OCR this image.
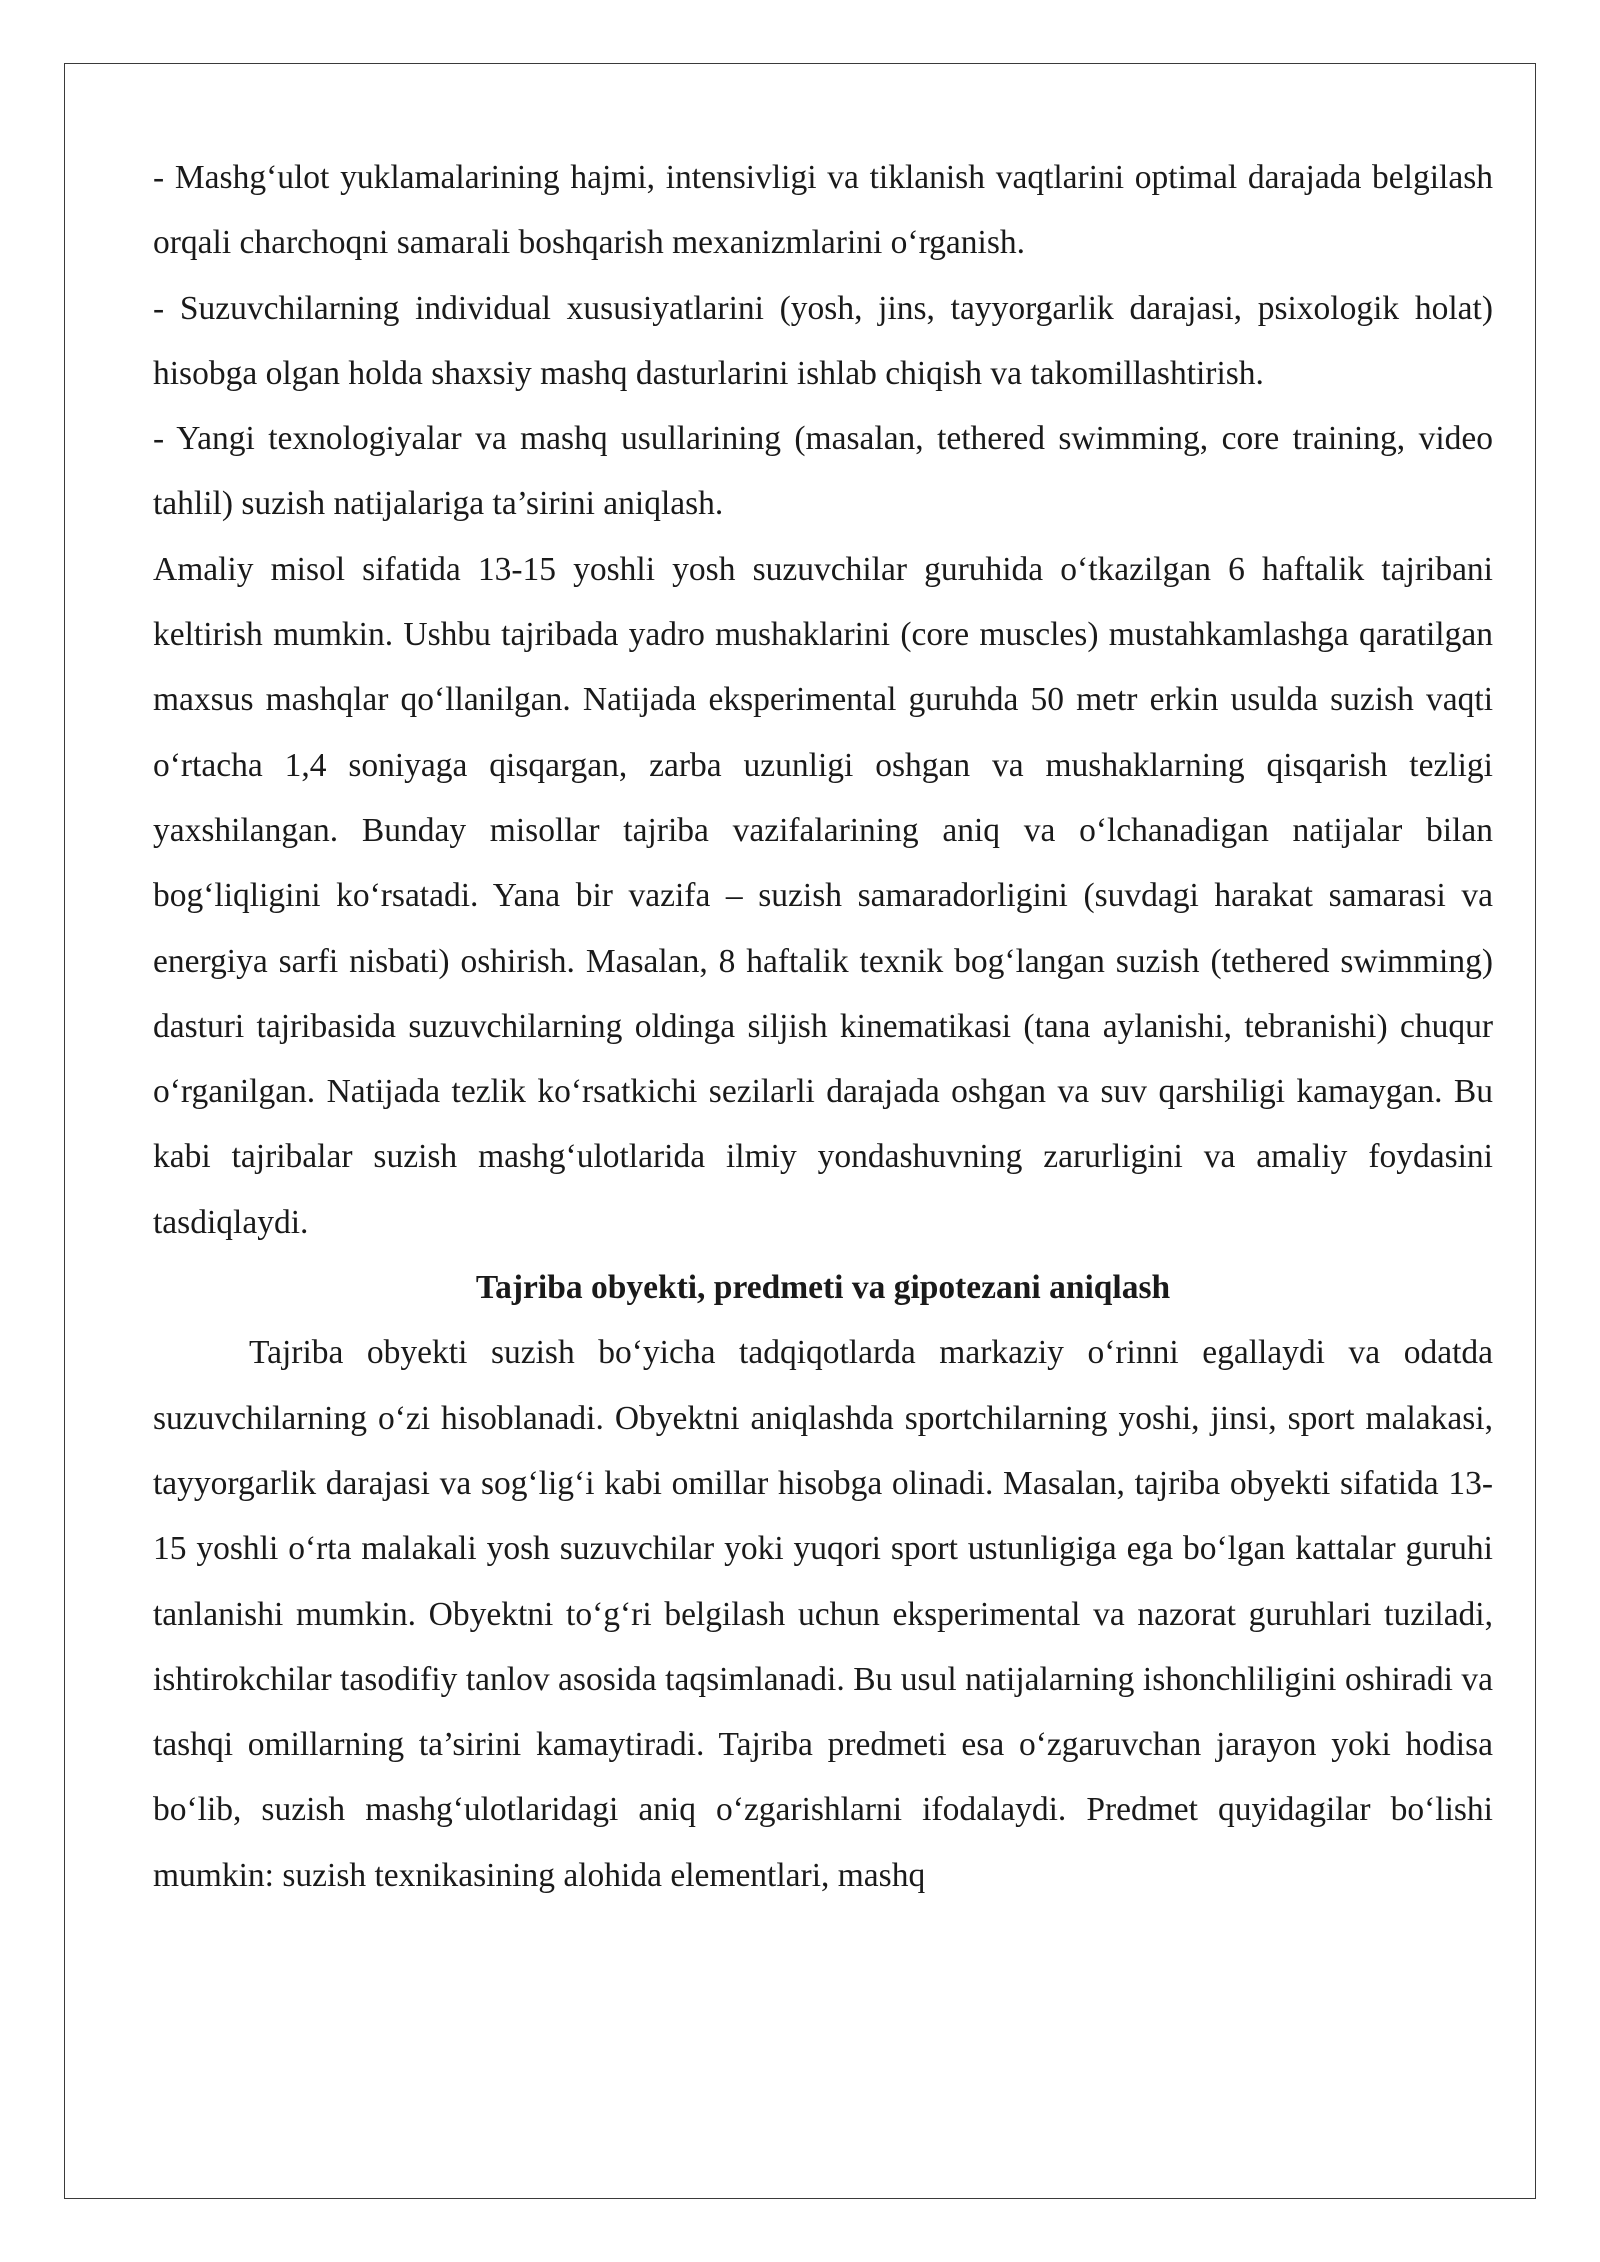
- Mashg‘ulot yuklamalarining hajmi, intensivligi va tiklanish vaqtlarini optimal darajada belgilash orqali charchoqni samarali boshqarish mexanizmlarini o‘rganish.

- Suzuvchilarning individual xususiyatlarini (yosh, jins, tayyorgarlik darajasi, psixologik holat) hisobga olgan holda shaxsiy mashq dasturlarini ishlab chiqish va takomillashtirish.

- Yangi texnologiyalar va mashq usullarining (masalan, tethered swimming, core training, video tahlil) suzish natijalariga ta’sirini aniqlash.

Amaliy misol sifatida 13-15 yoshli yosh suzuvchilar guruhida o‘tkazilgan 6 haftalik tajribani keltirish mumkin. Ushbu tajribada yadro mushaklarini (core muscles) mustahkamlashga qaratilgan maxsus mashqlar qo‘llanilgan. Natijada eksperimental guruhda 50 metr erkin usulda suzish vaqti o‘rtacha 1,4 soniyaga qisqargan, zarba uzunligi oshgan va mushaklarning qisqarish tezligi yaxshilangan. Bunday misollar tajriba vazifalarining aniq va o‘lchanadigan natijalar bilan bog‘liqligini ko‘rsatadi. Yana bir vazifa – suzish samaradorligini (suvdagi harakat samarasi va energiya sarfi nisbati) oshirish. Masalan, 8 haftalik texnik bog‘langan suzish (tethered swimming) dasturi tajribasida suzuvchilarning oldinga siljish kinematikasi (tana aylanishi, tebranishi) chuqur o‘rganilgan. Natijada tezlik ko‘rsatkichi sezilarli darajada oshgan va suv qarshiligi kamaygan. Bu kabi tajribalar suzish mashg‘ulotlarida ilmiy yondashuvning zarurligini va amaliy foydasini tasdiqlaydi.

Tajriba obyekti, predmeti va gipotezani aniqlash

Tajriba obyekti suzish bo‘yicha tadqiqotlarda markaziy o‘rinni egallaydi va odatda suzuvchilarning o‘zi hisoblanadi. Obyektni aniqlashda sportchilarning yoshi, jinsi, sport malakasi, tayyorgarlik darajasi va sog‘lig‘i kabi omillar hisobga olinadi. Masalan, tajriba obyekti sifatida 13-15 yoshli o‘rta malakali yosh suzuvchilar yoki yuqori sport ustunligiga ega bo‘lgan kattalar guruhi tanlanishi mumkin. Obyektni to‘g‘ri belgilash uchun eksperimental va nazorat guruhlari tuziladi, ishtirokchilar tasodifiy tanlov asosida taqsimlanadi. Bu usul natijalarning ishonchliligini oshiradi va tashqi omillarning ta’sirini kamaytiradi. Tajriba predmeti esa o‘zgaruvchan jarayon yoki hodisa bo‘lib, suzish mashg‘ulotlaridagi aniq o‘zgarishlarni ifodalaydi. Predmet quyidagilar bo‘lishi mumkin: suzish texnikasining alohida elementlari, mashq
